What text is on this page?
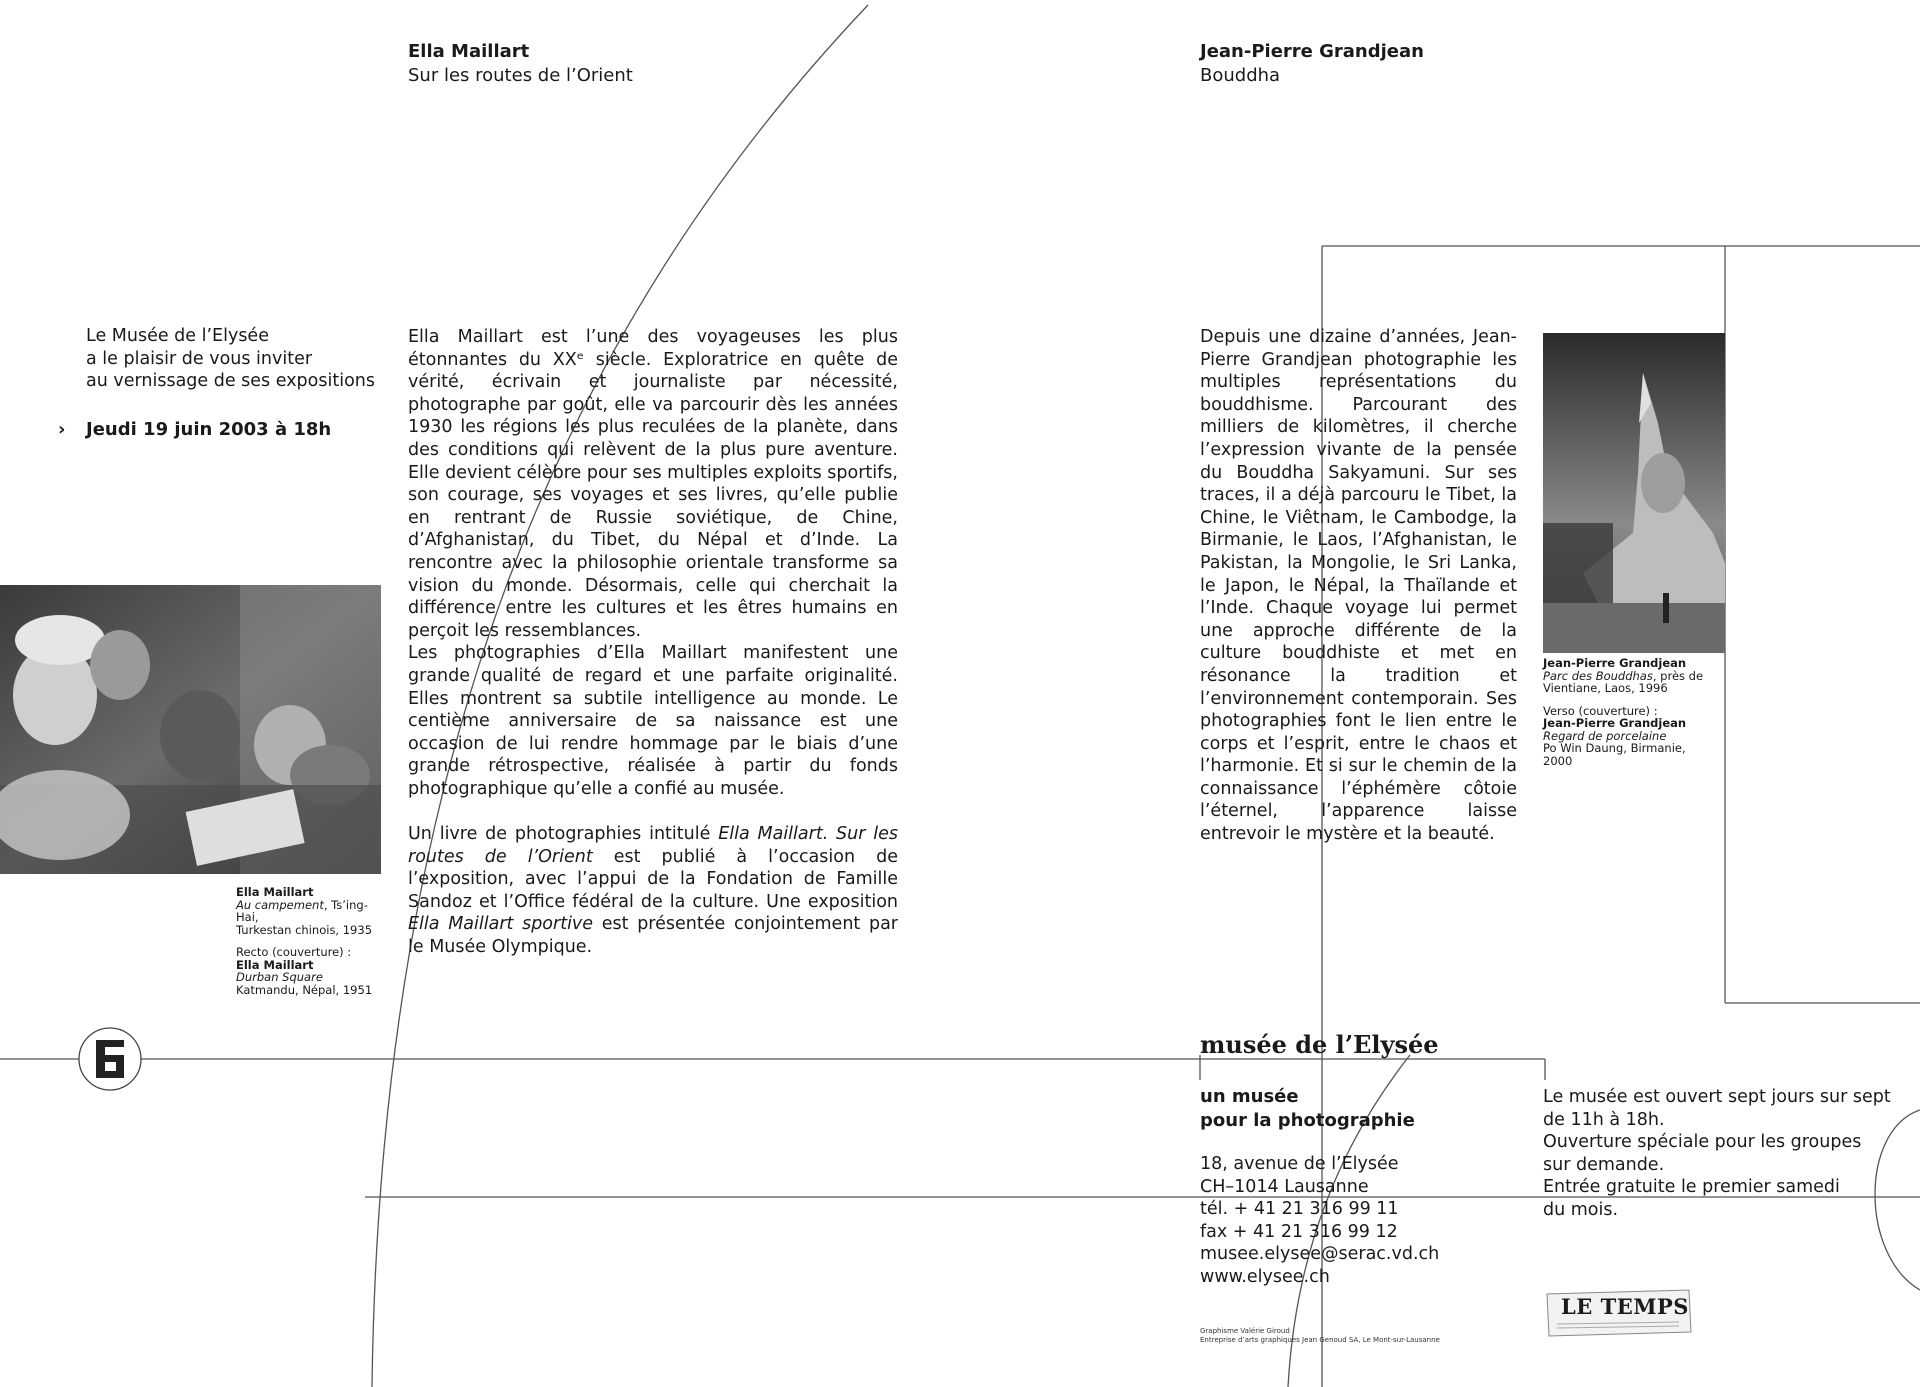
Ella Maillart
Sur les routes de l’Orient
Jean-Pierre Grandjean
Bouddha
Le Musée de l’Elysée
a le plaisir de vous inviter
au vernissage de ses expositions
› Jeudi 19 juin 2003 à 18h
Ella Maillart
Au campement, Ts’ing-Hai,
Turkestan chinois, 1935
Recto (couverture) :
Ella Maillart
Durban Square
Katmandu, Népal, 1951

Ella Maillart est l’une des voyageuses les plus étonnantes du XXᵉ siècle. Exploratrice en quête de vérité, écrivain et journaliste par nécessité, photographe par goût, elle va parcourir dès les années 1930 les régions les plus reculées de la planète, dans des conditions qui relèvent de la plus pure aventure. Elle devient célèbre pour ses multiples exploits sportifs, son courage, ses voyages et ses livres, qu’elle publie en rentrant de Russie soviétique, de Chine, d’Afghanistan, du Tibet, du Népal et d’Inde. La rencontre avec la philosophie orientale transforme sa vision du monde. Désormais, celle qui cherchait la différence entre les cultures et les êtres humains en perçoit les ressemblances.

Les photographies d’Ella Maillart manifestent une grande qualité de regard et une parfaite originalité. Elles montrent sa subtile intelligence au monde. Le centième anniversaire de sa naissance est une occasion de lui rendre hommage par le biais d’une grande rétrospective, réalisée à partir du fonds photographique qu’elle a confié au musée.

Un livre de photographies intitulé Ella Maillart. Sur les routes de l’Orient est publié à l’occasion de l’exposition, avec l’appui de la Fondation de Famille Sandoz et l’Office fédéral de la culture. Une exposition Ella Maillart sportive est présentée conjointement par le Musée Olympique.

Depuis une dizaine d’années, Jean-Pierre Grandjean photographie les multiples représentations du bouddhisme. Parcourant des milliers de kilomètres, il cherche l’expression vivante de la pensée du Bouddha Sakyamuni. Sur ses traces, il a déjà parcouru le Tibet, la Chine, le Viêtnam, le Cambodge, la Birmanie, le Laos, l’Afghanistan, le Pakistan, la Mongolie, le Sri Lanka, le Japon, le Népal, la Thaïlande et l’Inde. Chaque voyage lui permet une approche différente de la culture bouddhiste et met en résonance la tradition et l’environnement contemporain. Ses photographies font le lien entre le corps et l’esprit, entre le chaos et l’harmonie. Et si sur le chemin de la connaissance l’éphémère côtoie l’éternel, l’apparence laisse entrevoir le mystère et la beauté.

Jean-Pierre Grandjean
Parc des Bouddhas, près de
Vientiane, Laos, 1996
Verso (couverture) :
Jean-Pierre Grandjean
Regard de porcelaine
Po Win Daung, Birmanie,
2000
musée de l’Elysée
un musée
pour la photographie
18, avenue de l’Elysée
CH–1014 Lausanne
tél. + 41 21 316 99 11
fax + 41 21 316 99 12
musee.elysee@serac.vd.ch
www.elysee.ch
Le musée est ouvert sept jours sur sept
de 11h à 18h.
Ouverture spéciale pour les groupes
sur demande.
Entrée gratuite le premier samedi
du mois.
Graphisme Valérie Giroud
Entreprise d’arts graphiques Jean Genoud SA, Le Mont-sur-Lausanne
LE TEMPS
